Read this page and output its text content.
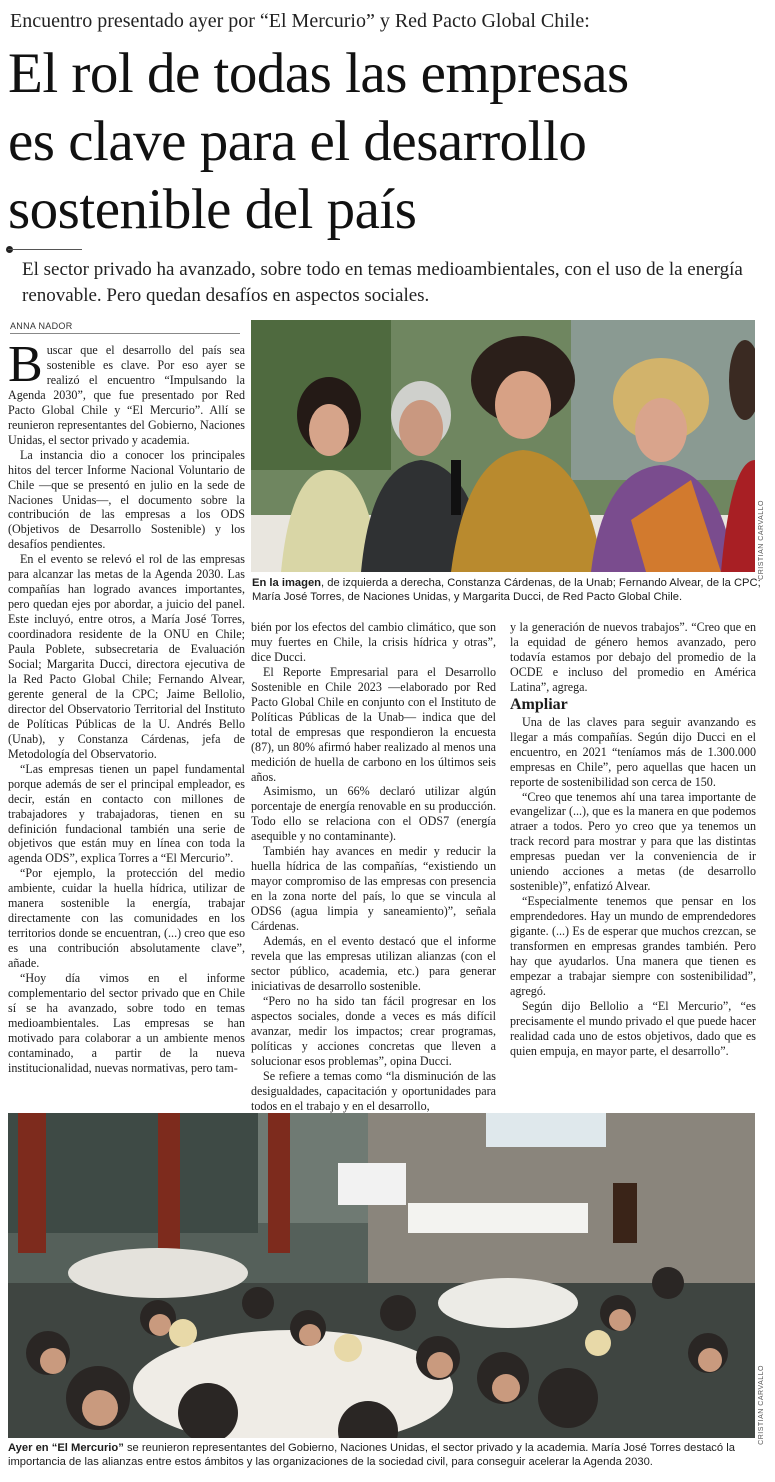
Encuentro presentado ayer por “El Mercurio” y Red Pacto Global Chile:
El rol de todas las empresas
es clave para el desarrollo
sostenible del país
El sector privado ha avanzado, sobre todo en temas medioambientales, con el uso de la energía renovable. Pero quedan desafíos en aspectos sociales.
ANNA NADOR

Buscar que el desarrollo del país sea sostenible es clave. Por eso ayer se realizó el encuentro “Impulsando la Agenda 2030”, que fue presentado por Red Pacto Global Chile y “El Mercurio”. Allí se reunieron representantes del Gobierno, Naciones Unidas, el sector privado y academia.

La instancia dio a conocer los principales hitos del tercer Informe Nacional Voluntario de Chile —que se presentó en julio en la sede de Naciones Unidas—, el documento sobre la contribución de las empresas a los ODS (Objetivos de Desarrollo Sostenible) y los desafíos pendientes.

En el evento se relevó el rol de las empresas para alcanzar las metas de la Agenda 2030. Las compañías han logrado avances importantes, pero quedan ejes por abordar, a juicio del panel. Este incluyó, entre otros, a María José Torres, coordinadora residente de la ONU en Chile; Paula Poblete, subsecretaria de Evaluación Social; Margarita Ducci, directora ejecutiva de la Red Pacto Global Chile; Fernando Alvear, gerente general de la CPC; Jaime Bellolio, director del Observatorio Territorial del Instituto de Políticas Públicas de la U. Andrés Bello (Unab), y Constanza Cárdenas, jefa de Metodología del Observatorio.

“Las empresas tienen un papel fundamental porque además de ser el principal empleador, es decir, están en contacto con millones de trabajadores y trabajadoras, tienen en su definición fundacional también una serie de objetivos que están muy en línea con toda la agenda ODS”, explica Torres a “El Mercurio”.

“Por ejemplo, la protección del medio ambiente, cuidar la huella hídrica, utilizar de manera sostenible la energía, trabajar directamente con las comunidades en los territorios donde se encuentran, (...) creo que eso es una contribución absolutamente clave”, añade.

“Hoy día vimos en el informe complementario del sector privado que en Chile sí se ha avanzado, sobre todo en temas medioambientales. Las empresas se han motivado para colaborar a un ambiente menos contaminado, a partir de la nueva institucionalidad, nuevas normativas, pero tam-

CRISTIAN CARVALLO
En la imagen, de izquierda a derecha, Constanza Cárdenas, de la Unab; Fernando Alvear, de la CPC; María José Torres, de Naciones Unidas, y Margarita Ducci, de Red Pacto Global Chile.

bién por los efectos del cambio climático, que son muy fuertes en Chile, la crisis hídrica y otras”, dice Ducci.

El Reporte Empresarial para el Desarrollo Sostenible en Chile 2023 —elaborado por Red Pacto Global Chile en conjunto con el Instituto de Políticas Públicas de la Unab— indica que del total de empresas que respondieron la encuesta (87), un 80% afirmó haber realizado al menos una medición de huella de carbono en los últimos seis años.

Asimismo, un 66% declaró utilizar algún porcentaje de energía renovable en su producción. Todo ello se relaciona con el ODS7 (energía asequible y no contaminante).

También hay avances en medir y reducir la huella hídrica de las compañías, “existiendo un mayor compromiso de las empresas con presencia en la zona norte del país, lo que se vincula al ODS6 (agua limpia y saneamiento)”, señala Cárdenas.

Además, en el evento destacó que el informe revela que las empresas utilizan alianzas (con el sector público, academia, etc.) para generar iniciativas de desarrollo sostenible.

“Pero no ha sido tan fácil progresar en los aspectos sociales, donde a veces es más difícil avanzar, medir los impactos; crear programas, políticas y acciones concretas que lleven a solucionar esos problemas”, opina Ducci.

Se refiere a temas como “la disminución de las desigualdades, capacitación y oportunidades para todos en el trabajo y en el desarrollo,

y la generación de nuevos trabajos”. “Creo que en la equidad de género hemos avanzado, pero todavía estamos por debajo del promedio de la OCDE e incluso del promedio en América Latina”, agrega.

Ampliar

Una de las claves para seguir avanzando es llegar a más compañías. Según dijo Ducci en el encuentro, en 2021 “teníamos más de 1.300.000 empresas en Chile”, pero aquellas que hacen un reporte de sostenibilidad son cerca de 150.

“Creo que tenemos ahí una tarea importante de evangelizar (...), que es la manera en que podemos atraer a todos. Pero yo creo que ya tenemos un track record para mostrar y para que las distintas empresas puedan ver la conveniencia de ir uniendo acciones a metas (de desarrollo sostenible)”, enfatizó Alvear.

“Especialmente tenemos que pensar en los emprendedores. Hay un mundo de emprendedores gigante. (...) Es de esperar que muchos crezcan, se transformen en empresas grandes también. Pero hay que ayudarlos. Una manera que tienen es empezar a trabajar siempre con sostenibilidad”, agregó.

Según dijo Bellolio a “El Mercurio”, “es precisamente el mundo privado el que puede hacer realidad cada uno de estos objetivos, dado que es quien empuja, en mayor parte, el desarrollo”.

CRISTIAN CARVALLO
Ayer en “El Mercurio” se reunieron representantes del Gobierno, Naciones Unidas, el sector privado y la academia. María José Torres destacó la importancia de las alianzas entre estos ámbitos y las organizaciones de la sociedad civil, para conseguir acelerar la Agenda 2030.
